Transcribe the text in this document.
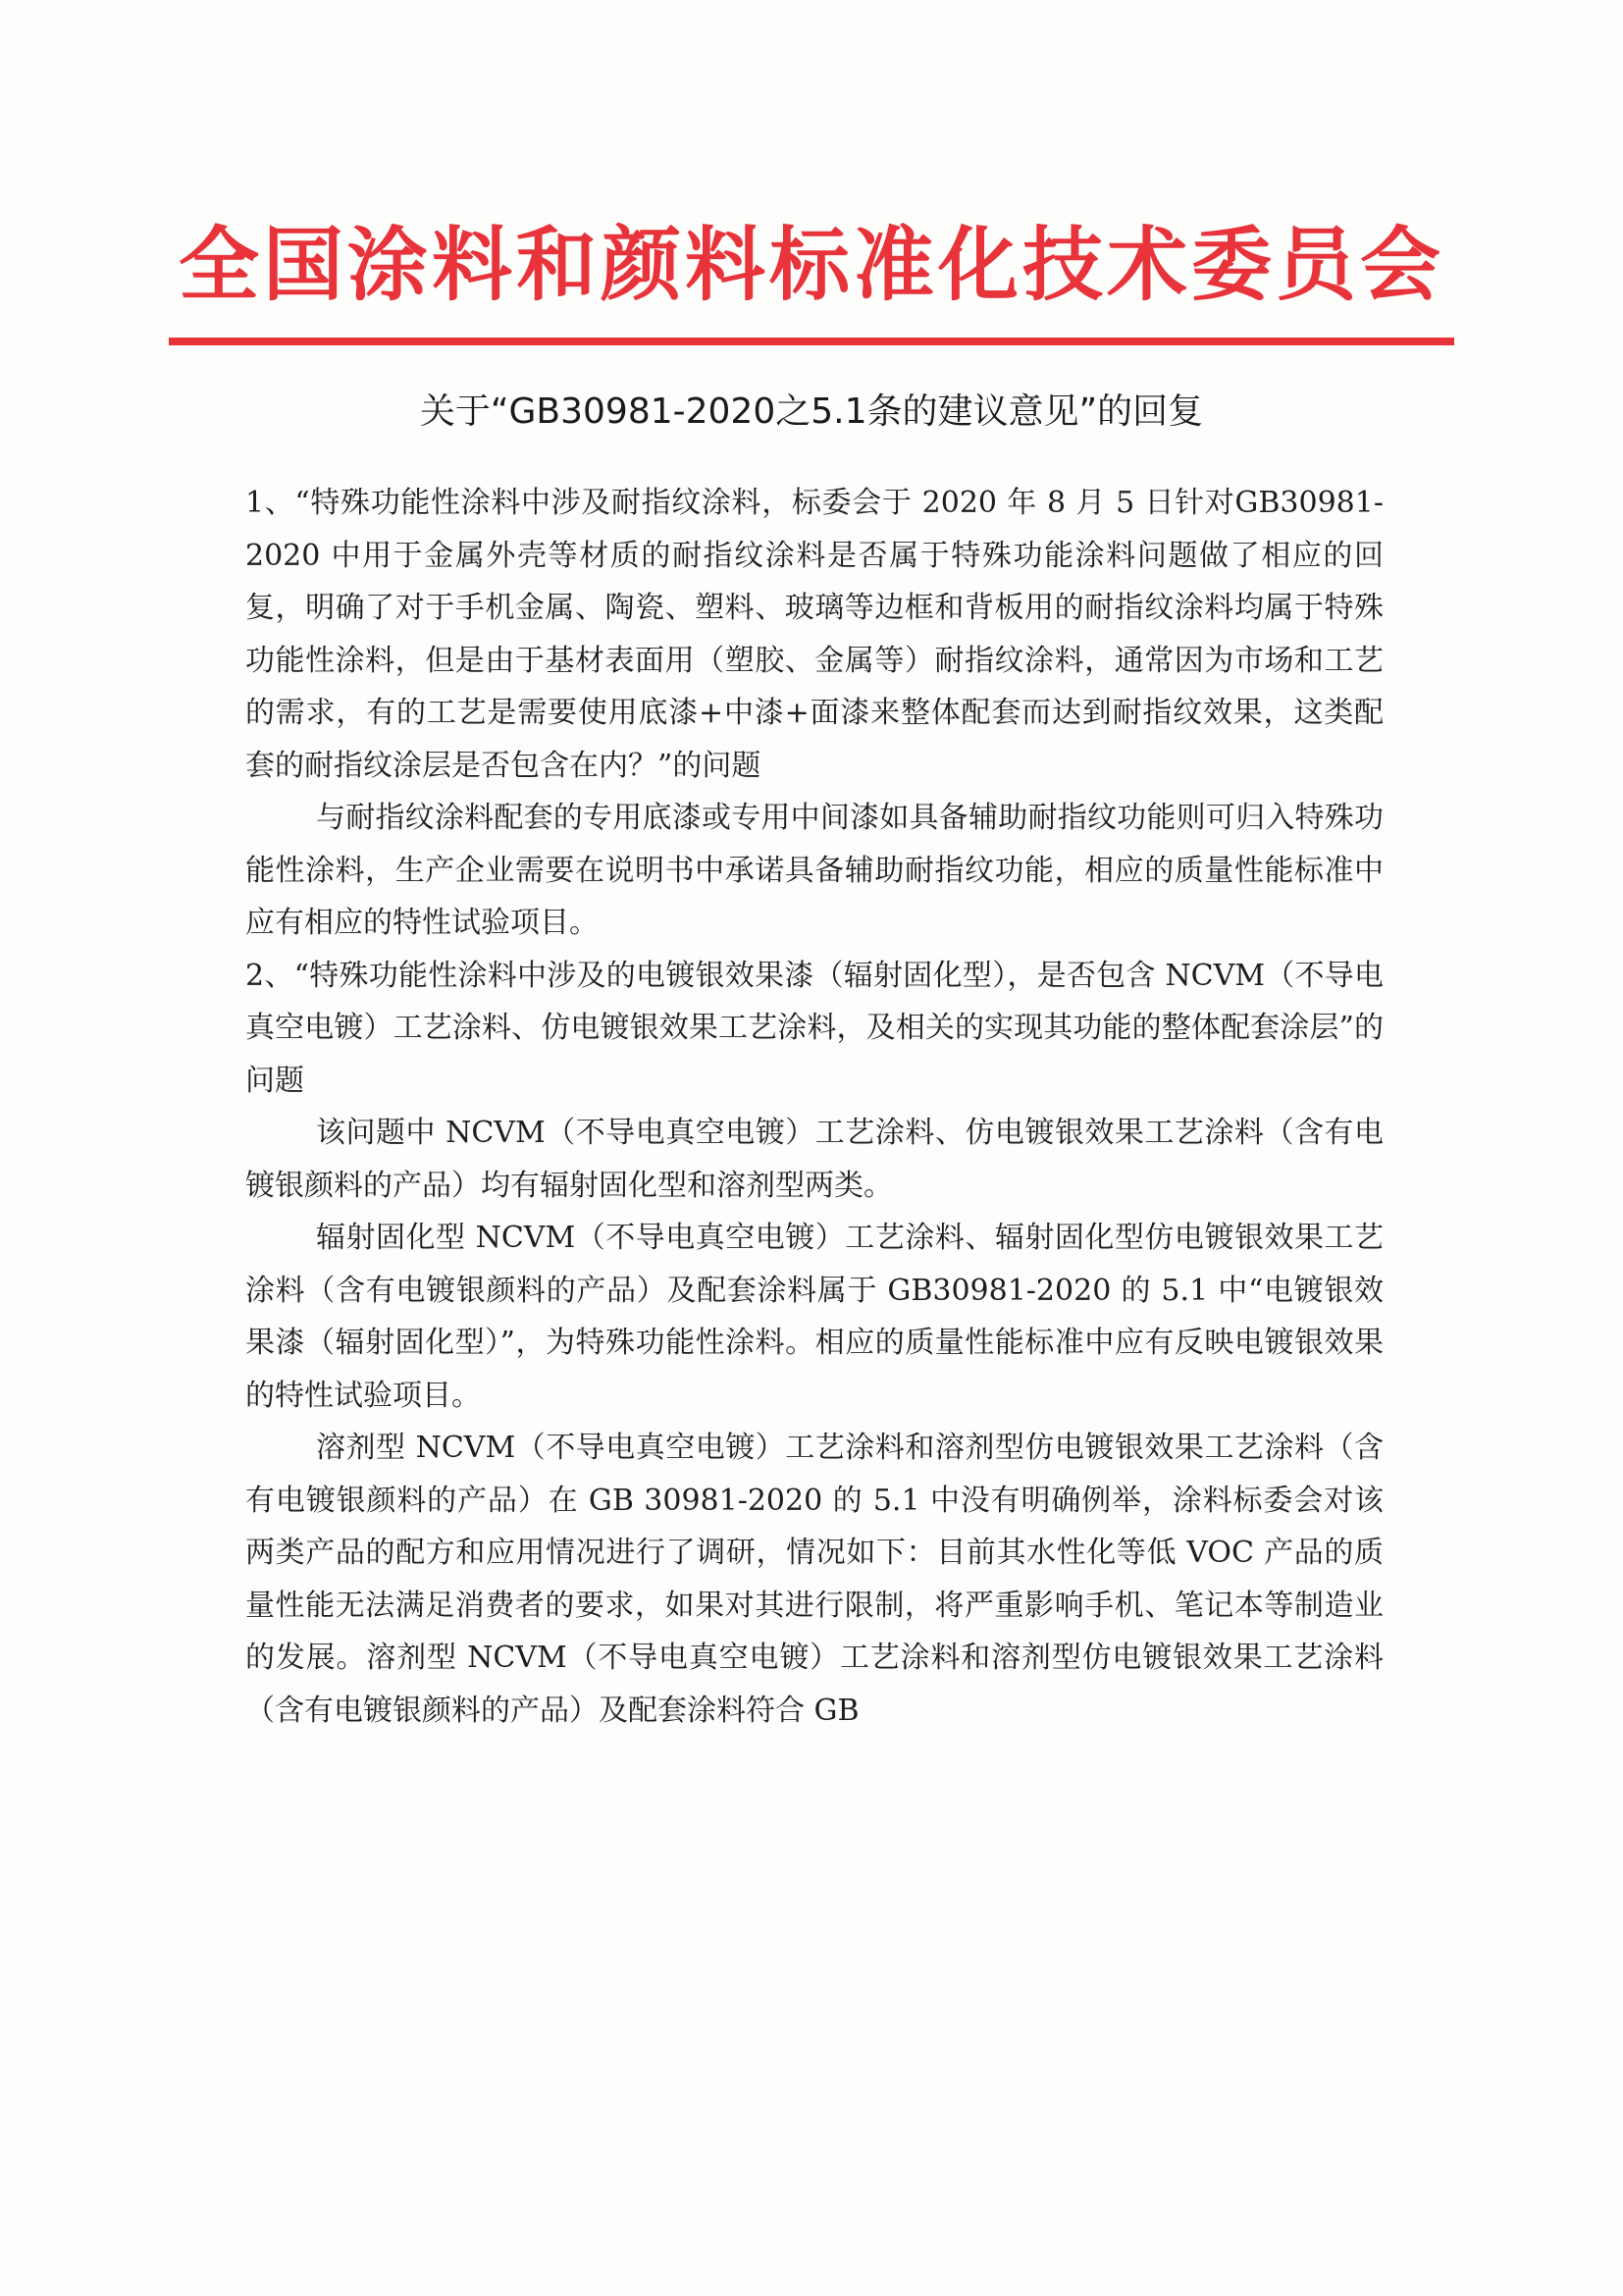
全国涂料和颜料标准化技术委员会
关于“GB30981-2020之5.1条的建议意见”的回复

1、“特殊功能性涂料中涉及耐指纹涂料，标委会于 2020 年 8 月 5 日针对GB30981-2020 中用于金属外壳等材质的耐指纹涂料是否属于特殊功能涂料问题做了相应的回复，明确了对于手机金属、陶瓷、塑料、玻璃等边框和背板用的耐指纹涂料均属于特殊功能性涂料，但是由于基材表面用（塑胶、金属等）耐指纹涂料，通常因为市场和工艺的需求，有的工艺是需要使用底漆+中漆+面漆来整体配套而达到耐指纹效果，这类配套的耐指纹涂层是否包含在内？”的问题

与耐指纹涂料配套的专用底漆或专用中间漆如具备辅助耐指纹功能则可归入特殊功能性涂料，生产企业需要在说明书中承诺具备辅助耐指纹功能，相应的质量性能标准中应有相应的特性试验项目。

2、“特殊功能性涂料中涉及的电镀银效果漆（辐射固化型），是否包含 NCVM（不导电真空电镀）工艺涂料、仿电镀银效果工艺涂料，及相关的实现其功能的整体配套涂层”的问题

该问题中 NCVM（不导电真空电镀）工艺涂料、仿电镀银效果工艺涂料（含有电镀银颜料的产品）均有辐射固化型和溶剂型两类。

辐射固化型 NCVM（不导电真空电镀）工艺涂料、辐射固化型仿电镀银效果工艺涂料（含有电镀银颜料的产品）及配套涂料属于 GB30981-2020 的 5.1 中“电镀银效果漆（辐射固化型）”，为特殊功能性涂料。相应的质量性能标准中应有反映电镀银效果的特性试验项目。

溶剂型 NCVM（不导电真空电镀）工艺涂料和溶剂型仿电镀银效果工艺涂料（含有电镀银颜料的产品）在 GB 30981-2020 的 5.1 中没有明确例举，涂料标委会对该两类产品的配方和应用情况进行了调研，情况如下：目前其水性化等低 VOC 产品的质量性能无法满足消费者的要求，如果对其进行限制，将严重影响手机、笔记本等制造业的发展。溶剂型 NCVM（不导电真空电镀）工艺涂料和溶剂型仿电镀银效果工艺涂料（含有电镀银颜料的产品）及配套涂料符合 GB
